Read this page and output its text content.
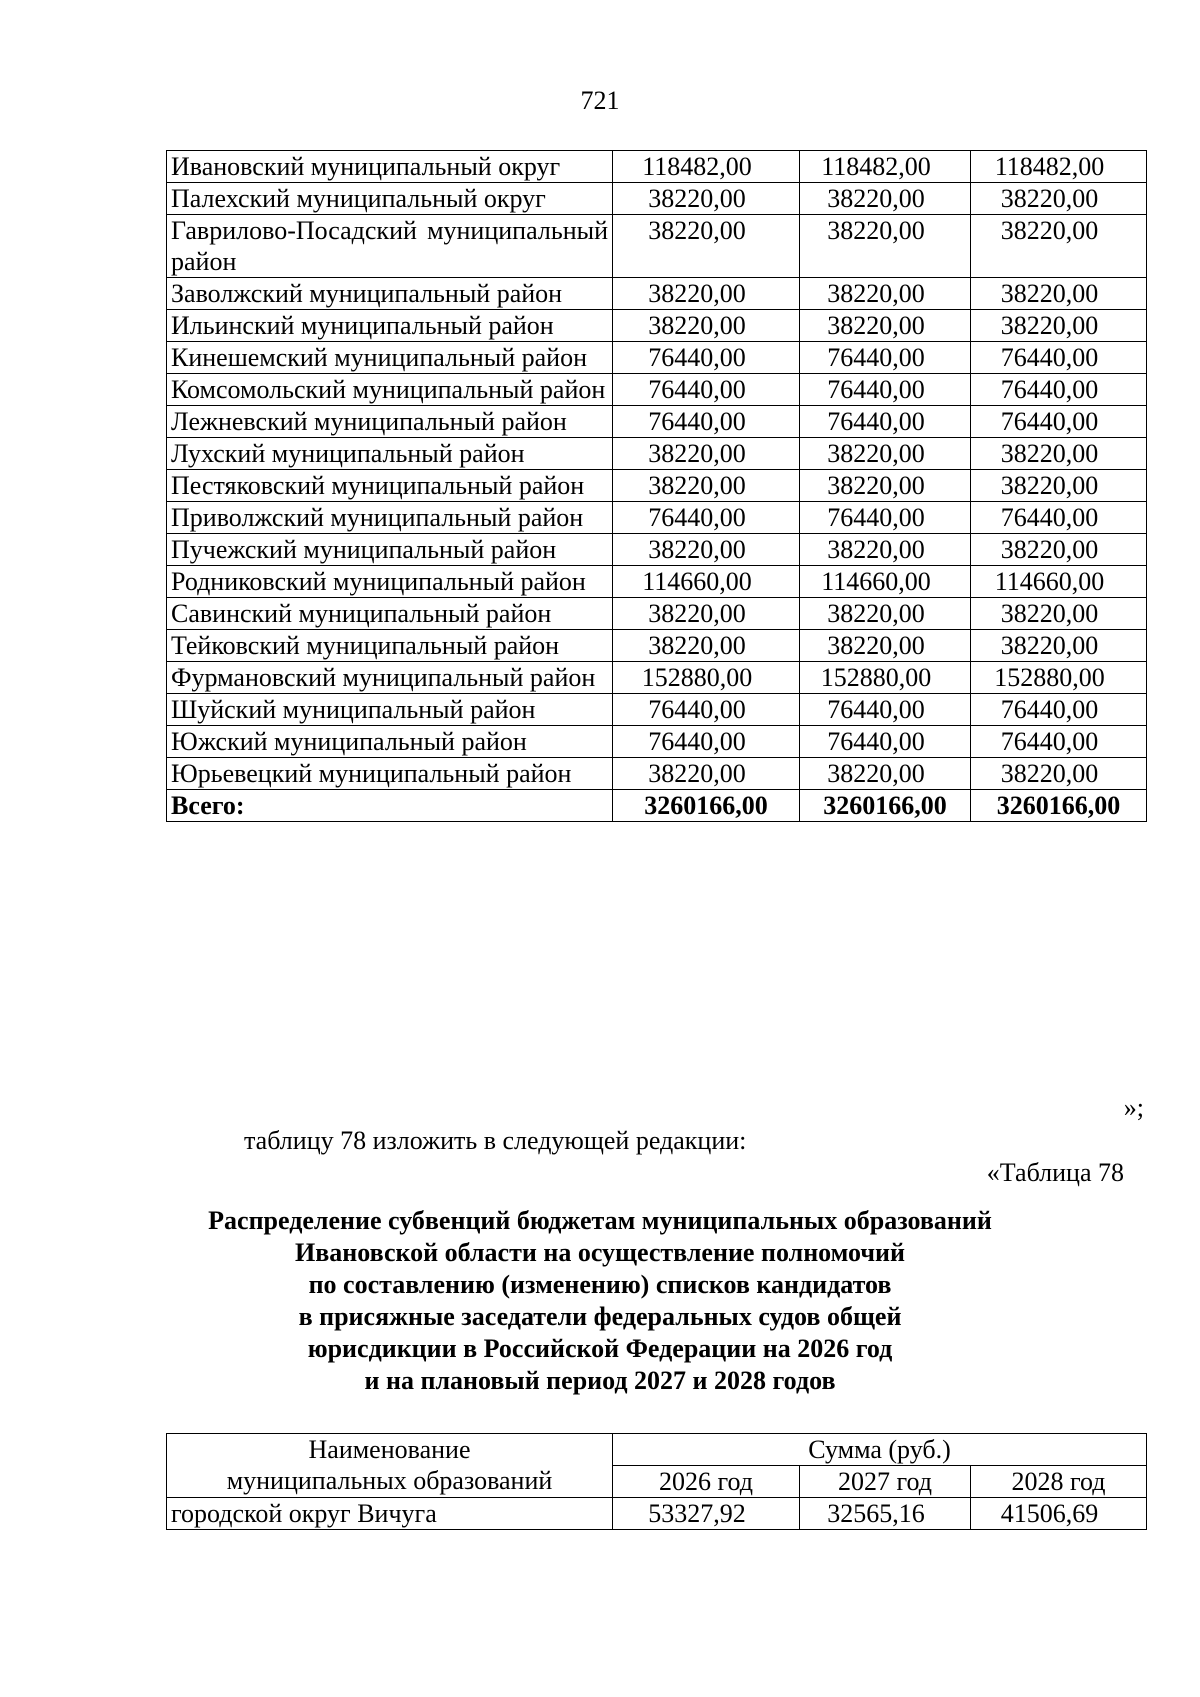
721
Ивановский муниципальный округ	118482,00	118482,00	118482,00
Палехский муниципальный округ	38220,00	38220,00	38220,00
Гаврилово-Посадский муниципальный район	38220,00	38220,00	38220,00
Заволжский муниципальный район	38220,00	38220,00	38220,00
Ильинский муниципальный район	38220,00	38220,00	38220,00
Кинешемский муниципальный район	76440,00	76440,00	76440,00
Комсомольский муниципальный район	76440,00	76440,00	76440,00
Лежневский муниципальный район	76440,00	76440,00	76440,00
Лухский муниципальный район	38220,00	38220,00	38220,00
Пестяковский муниципальный район	38220,00	38220,00	38220,00
Приволжский муниципальный район	76440,00	76440,00	76440,00
Пучежский муниципальный район	38220,00	38220,00	38220,00
Родниковский муниципальный район	114660,00	114660,00	114660,00
Савинский муниципальный район	38220,00	38220,00	38220,00
Тейковский муниципальный район	38220,00	38220,00	38220,00
Фурмановский муниципальный район	152880,00	152880,00	152880,00
Шуйский муниципальный район	76440,00	76440,00	76440,00
Южский муниципальный район	76440,00	76440,00	76440,00
Юрьевецкий муниципальный район	38220,00	38220,00	38220,00
Всего:	3260166,00	3260166,00	3260166,00
»;
таблицу 78 изложить в следующей редакции:
«Таблица 78
Распределение субвенций бюджетам муниципальных образований
Ивановской области на осуществление полномочий
по составлению (изменению) списков кандидатов
в присяжные заседатели федеральных судов общей
юрисдикции в Российской Федерации на 2026 год
и на плановый период 2027 и 2028 годов
Наименование
муниципальных образований	Сумма (руб.)		
	2026 год	2027 год	2028 год
городской округ Вичуга	53327,92	32565,16	41506,69
